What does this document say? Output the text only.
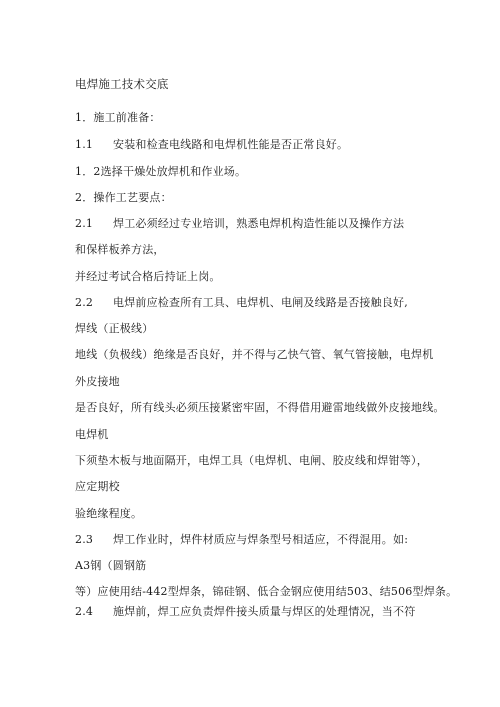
电焊施工技术交底
1．施工前准备：
1.1 安装和检查电线路和电焊机性能是否正常良好。
1．2选择干燥处放焊机和作业场。
2．操作工艺要点：
2.1 焊工必须经过专业培训，熟悉电焊机构造性能以及操作方法
和保样板养方法，
并经过考试合格后持证上岗。
2.2 电焊前应检查所有工具、电焊机、电闸及线路是否接触良好,
焊线（正极线）
地线（负极线）绝缘是否良好，并不得与乙快气管、氧气管接触，电焊机
外皮接地
是否良好，所有线头必须压接紧密牢固，不得借用避雷地线做外皮接地线。
电焊机
下须垫木板与地面隔开，电焊工具（电焊机、电闸、胶皮线和焊钳等），
应定期校
验绝缘程度。
2.3 焊工作业时，焊件材质应与焊条型号相适应，不得混用。如:
A3钢（圆钢筋
等）应使用结-442型焊条，锦硅钢、低合金钢应使用结503、结506型焊条。
2.4 施焊前，焊工应负责焊件接头质量与焊区的处理情况，当不符
